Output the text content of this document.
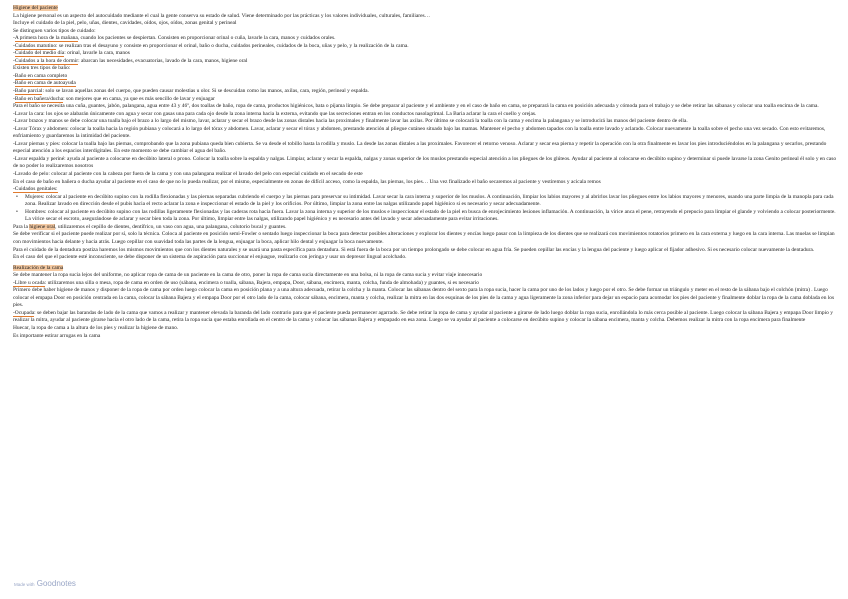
Higiene del paciente
La higiene personal es un aspecto del autocuidado mediante el cual la gente conserva su estado de salud. Viene determinado por las prácticas y los valores individuales, culturales, familiares…
Incluye el cuidado de la piel, pelo, uñas, dientes, cavidades, oídos, ojos, oídos, zonas genital y perineal
Se distinguen varios tipos de cuidado:
-A primera hora de la mañana, cuando los pacientes se despiertan. Consisten en proporcionar orinal o cuña, lavarle la cara, manos y cuidados orales.
-Cuidados matutino: se realizan tras el desayuno y consiste en proporcionar el orinal, baño o ducha, cuidados perineales, cuidados de la boca, uñas y pelo, y la realización de la cama.
-Cuidado del medio día: orinal, lavarle la cara, manos
-Cuidados a la hora de dormir: abarcan las necesidades, evacuatorias, lavado de la cara, manos, higiene oral
Existen tres tipos de baño:
-Baño en cama completo
-Baño en cama de autoayuda
-Baño parcial: solo se lavan aquellas zonas del cuerpo, que pueden causar molestias u olor. Si se descuidan como las manos, axilas, cara, región, perineal y espalda.
-Baño en bañera/ducha: son mejores que en cama, ya que es más sencillo de lavar y enjuagar
Para el baño se necesita una cuña, guantes, jabón, palangana, agua entre 43 y 46º, dos toallas de baño, ropa de cama, productos higiénicos, bata o pijama limpio. Se debe preparar al paciente y el ambiente y en el caso de baño en cama, se preparará la cama en posición adecuada y cómoda para el trabajo y se debe retirar las sábanas y colocar una toalla encima de la cama.
-Lavar la cara: los ojos se alabarán únicamente con agua y secar con gasas una para cada ojo desde la zona interna hacia la externa, evitando que las secreciones entran en los conductos nasolagrimal. La Baria aclarar la cara el cuello y orejas.
-Lavar brazos y manos se debe colocar una toalla bajo el brazo a lo largo del mismo, lavar, aclarar y secar el brazo desde las zonas distales hacia las proximales y finalmente lavar las axilas. Por último se colocará la toalla con la cama y encima la palangana y se introducirá las manos del paciente dentro de ella.
-Lavar Tórax y abdomen: colocar la toalla hacia la región pubiana y colocará a lo largo del tórax y abdomen. Lavar, aclarar y secar el tórax y abdomen, prestando atención al pliegue cutáneo situado bajo las mamas. Mantener el pecho y abdomen tapados con la toalla entre lavado y aclarado. Colocar nuevamente la toalla sobre el pecho una vez secado. Con esto evitaremos, enfriamiento y guardaremos la intimidad del paciente.
-Lavar piernas y pies: colocar la toalla bajo las piernas, comprobando que la zona pubiana queda bien cubierta. Se va desde el tobillo hasta la rodilla y muslo. La desde las zonas distales a las proximales. Favorecer el retorno venoso. Aclarar y secar esa pierna y repetir la operación con la otra finalmente es lavar los pies introduciéndolos en la palangana y secarlos, prestando especial atención a los espacios interdigitales. En este momento se debe cambiar el agua del baño.
-Lavar espalda y periné: ayuda al paciente a colocarse en decúbito lateral o prono. Colocar la toalla sobre la espalda y nalgas. Limpiar, aclarar y secar la espalda, nalgas y zonas superior de los muslos prestando especial atención a los pliegues de los glúteos. Ayudar al paciente al colocarse en decúbito supino y determinar si puede lavarse la zona Genito perineal él solo y en caso de no poder lo realizaremos nosotros
-Lavado de pelo: colocar al paciente con la cabeza por fuera de la cama y con una palangana realizar el lavado del pelo con especial cuidado en el secado de este
En el caso de baño en bañera o ducha ayudar al paciente en el caso de que no lo pueda realizar, por el mismo, especialmente en zonas de difícil acceso, como la espalda, las piernas, los pies… Una vez finalizado el baño secaremos al paciente y vestiremos y acicala remos
-Cuidados genitales:
• Mujeres: colocar al paciente en decúbito supino con la rodilla flexionadas y las piernas separadas cubriendo el cuerpo y las piernas para preservar su intimidad. Lavar secar la cara interna y superior de los muslos. A continuación, limpiar los labios mayores y al abrirlos lavar los pliegues entre los labios mayores y menores, usando una parte limpia de la manopla para cada zona. Realizar lavado en dirección desde el pubis hacia el recto aclarar la zona e inspeccionar el estado de la piel y los orificios. Por último, limpiar la zona entre las nalgas utilizando papel higiénico si es necesario y secar adecuadamente.
• Hombres: colocar al paciente en decúbito supino con las rodillas ligeramente flexionadas y las caderas rota hacia fuera. Lavar la zona interna y superior de los muslos e inspeccionar el estado de la piel en busca de enrojecimiento lesiones inflamación. A continuación, la vírice anca el pene, retrayendo el prepucio para limpiar el glande y volviendo a colocar posteriormente. La vírice secar el escroto, asegurándose de aclarar y secar bien toda la zona. Por último, limpiar entre las nalgas, utilizando papel higiénico y es necesario antes del lavado y secar adecuadamente para evitar irritaciones.
Para la higiene oral, utilizaremos el cepillo de dientes, dentífrico, un vaso con agua, una palangana, colutorio bucal y guantes.
Se debe verificar si el paciente puede realizar por sí, solo la técnica. Coloca al paciente en posición semi-Fowler o sentado luego inspeccionar la boca para detectar posibles alteraciones y explorar los dientes y encías luego pasar con la limpieza de los dientes que se realizará con movimientos rotatorios primero en la cara externa y luego en la cara interna. Las muelas se limpian con movimientos hacia delante y hacia atrás. Luego cepillar con suavidad toda las partes de la lengua, enjuagar la boca, aplicar hilo dental y enjuagar la boca nuevamente.
Para el cuidado de la dentadura postiza haremos los mismos movimientos que con los dientes naturales y se usará una pasta específica para dentadura. Si está fuera de la boca por un tiempo prolongado se debe colocar en agua fría. Se pueden cepillar las encías y la lengua del paciente y luego aplicar el fijador adhesivo. Si es necesario colocar nuevamente la dentadura.
En el caso del que el paciente esté inconsciente, se debe disponer de un sistema de aspiración para succionar el enjuague, realizarlo con jeringa y usar un depresor lingual acolchado.
Realización de la cama
Se debe mantener la ropa sucia lejos del uniforme, no aplicar ropa de cama de un paciente en la cama de otro, poner la ropa de cama sucia directamente en una bolsa, ni la ropa de cama sucia y evitar viaje innecesario
-Libre u ocada: utilizaremos una silla o mesa, ropa de cama en orden de uso (sábana, encimera o toalla, sábana, Bajera, empapa, Door, sábana, encimera, manta, colcha, funda de almohada) y guantes, si es necesario
Primero debe haber higiene de manos y disponer de la ropa de cama por orden luego colocar la cama en posición plana y a una altura adecuada, retirar la colcha y la manta. Colocar las sábanas dentro del sexto para la ropa sucia, hacer la cama por uno de los lados y luego por el otro. Se debe formar un triángulo y meter en el resto de la sábana bajo el colchón (mitra) . Luego colocar el empapa Door en posición centrada en la cama, colocar la sábana Bajera y el empapa Door por el otro lado de la cama, colocar sábana, encimera, manta y colcha, realizar la mitra en las dos esquinas de los pies de la cama y agua ligeramente la zona inferior para dejar un espacio para acomodar los pies del paciente y finalmente doblar la ropa de la cama doblada en los pies.
-Ocupada: se deben bajar las barandas de lado de la cama que vamos a realizar y mantener elevada la baranda del lado contrario para que el paciente pueda permanecer agarrado. Se debe retirar la ropa de cama y ayudar al paciente a girarse de lado luego doblar la ropa sucia, enrollándola lo más cerca posible al paciente. Luego colocar la sábana Bajera y empapa Door limpio y realizar la mitra, ayudar al paciente girarse hacia el otro lado de la cama, retira la ropa sucia que estaba enrollada en el centro de la cama y colocar las sábanas Bajera y empapado en esa zona. Luego se va ayudar al paciente a colocarse en decúbito supino y colocar la sábana encimera, manta y colcha. Debemos realizar la mitra con la ropa encimera para finalmente
Huecar, la ropa de cama a la altura de los pies y realizar la higiene de mano.
Es importante estirar arrugas en la cama
Made with Goodnotes
